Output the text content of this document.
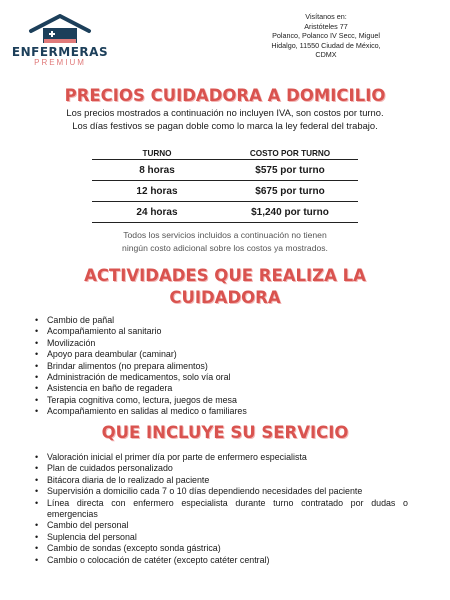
ENFERMERAS
PREMIUM
Visítanos en:
Aristóteles 77
Polanco, Polanco IV Secc, Miguel
Hidalgo, 11550 Ciudad de México,
CDMX
PRECIOS CUIDADORA A DOMICILIO
Los precios mostrados a continuación no incluyen IVA, son costos por turno.
Los días festivos se pagan doble como lo marca la ley federal del trabajo.
TURNO	COSTO POR TURNO
8 horas	$575 por turno
12 horas	$675 por turno
24 horas	$1,240 por turno
Todos los servicios incluidos a continuación no tienen
ningún costo adicional sobre los costos ya mostrados.
ACTIVIDADES QUE REALIZA LA
CUIDADORA
• Cambio de pañal
• Acompañamiento al sanitario
• Movilización
• Apoyo para deambular (caminar)
• Brindar alimentos (no prepara alimentos)
• Administración de medicamentos, solo vía oral
• Asistencia en baño de regadera
• Terapia cognitiva como, lectura, juegos de mesa
• Acompañamiento en salidas al medico o familiares
QUE INCLUYE SU SERVICIO
• Valoración inicial el primer día por parte de enfermero especialista
• Plan de cuidados personalizado
• Bitácora diaria de lo realizado al paciente
• Supervisión a domicilio cada 7 o 10 días dependiendo necesidades del paciente
• Línea directa con enfermero especialista durante turno contratado por dudas o emergencias
• Cambio del personal
• Suplencia del personal
• Cambio de sondas (excepto sonda gástrica)
• Cambio o colocación de catéter (excepto catéter central)
